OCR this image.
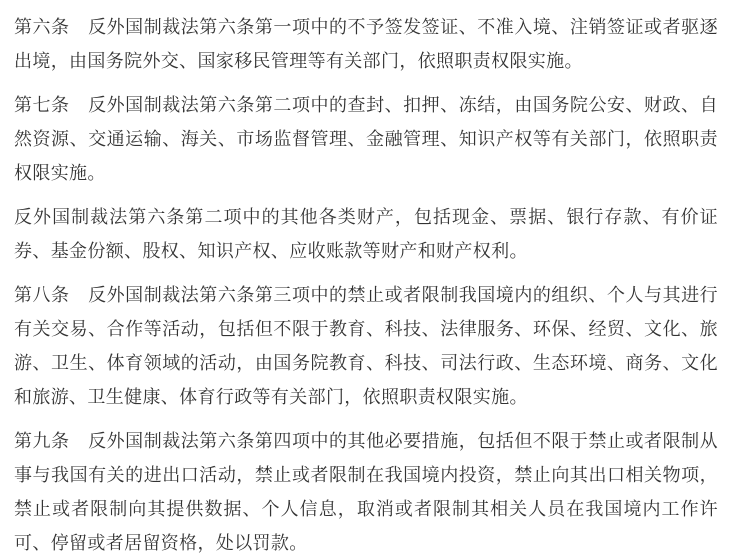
第六条　反外国制裁法第六条第一项中的不予签发签证、不准入境、注销签证或者驱逐出境，由国务院外交、国家移民管理等有关部门，依照职责权限实施。

第七条　反外国制裁法第六条第二项中的查封、扣押、冻结，由国务院公安、财政、自然资源、交通运输、海关、市场监督管理、金融管理、知识产权等有关部门，依照职责权限实施。

反外国制裁法第六条第二项中的其他各类财产，包括现金、票据、银行存款、有价证券、基金份额、股权、知识产权、应收账款等财产和财产权利。

第八条　反外国制裁法第六条第三项中的禁止或者限制我国境内的组织、个人与其进行有关交易、合作等活动，包括但不限于教育、科技、法律服务、环保、经贸、文化、旅游、卫生、体育领域的活动，由国务院教育、科技、司法行政、生态环境、商务、文化和旅游、卫生健康、体育行政等有关部门，依照职责权限实施。

第九条　反外国制裁法第六条第四项中的其他必要措施，包括但不限于禁止或者限制从事与我国有关的进出口活动，禁止或者限制在我国境内投资，禁止向其出口相关物项，禁止或者限制向其提供数据、个人信息，取消或者限制其相关人员在我国境内工作许可、停留或者居留资格，处以罚款。
